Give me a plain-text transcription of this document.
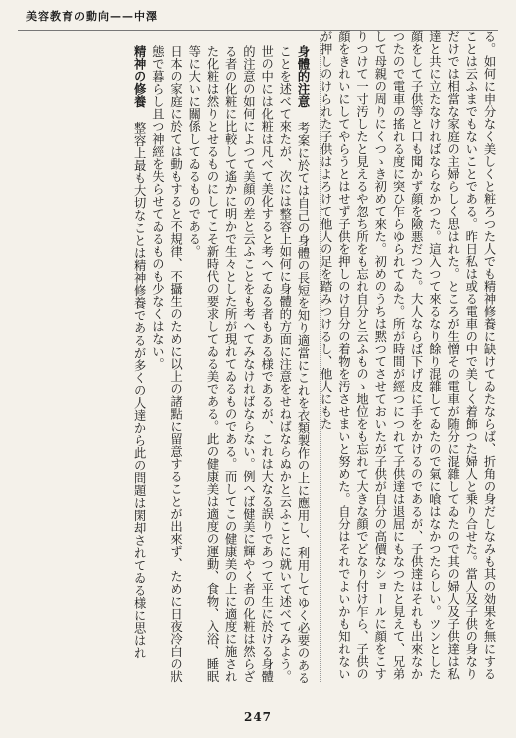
美容教育の動向——中澤

る。如何に申分なく美しくと粧ろつた人でも精神修養に缺けてゐたならば、折角の身だしなみも其の効果を無にすることは云ふまでもないことである。昨日私は或る電車の中で美しく着飾つた婦人と乗り合せた。當人及子供の身なりだけでは相當な家庭の主婦らしく思はれた。ところが生憎その電車が随分に混雜してゐたので其の婦人及子供達は私達と共に立たなければならなかつた。這入つて來るなり餘り混雜してゐたので氣に喰はなかつたらしい。ツンとした顔をして子供等と口も聞かず顔を險悪だつた。大人ならば下げ皮に手をかけるのであるが、子供達はそれも出來なかつたので電車の搖れる度に突ひ乍らゆられてゐた。所が時間が經つにつれて子供達は退屈にもなつたと見えて、兄弟して母親の周りにくつゝき初めて來た。初めのうちは黙つてさせておいたが子供が自分の高價なショールに顔をこすりつけて一寸汚したと見えるや忽ち所をも忘れ自分と云ふものゝ地位をも忘れて大きな顔でどなり付け乍ら、子供の顔をきれいにしてやらうとはせず子供を押しのけ自分の着物を汚させまいと努めた。自分はそれでよいかも知れないが押しのけられた子供はよろけて他人の足を踏みつけるし、他人にもた

身體的注意 考案に於ては自己の身體の長短を知り適當にこれを衣類製作の上に應用し、利用してゆく必要のあることを述べて來たが、次には整容上如何に身體的方面に注意をせねばならぬかと云ふことに就いて述べてみよう。

世の中には化粧は凡べて美化すると考へてゐる者もある様であるが、これは大なる誤りであつて平生に於ける身體的注意の如何によつて美顔の差と云ふことをも考へてみなければならない。例へば健美に輝やく者の化粧は然らざる者の化粧に比較して遙かに明かで生々とした所が現れてゐるものである。而してこの健康美の上に適度に施された化粧は然りとせるものにしてこそ新時代の要求してゐる美である。此の健康美は適度の運動、食物、入浴、睡眠等に大いに關係してゐるものである。

日本の家庭に於ては動もすると不規律、不攝生のために以上の諸點に留意することが出來ず、ために日夜冷白の狀態で暮らし且つ神經を失らせてゐるものも少なくはない。

精神の修養 整容上最も大切なことは精神修養であるが多くの人達から此の問題は閑却されてゐる様に思はれ

247
